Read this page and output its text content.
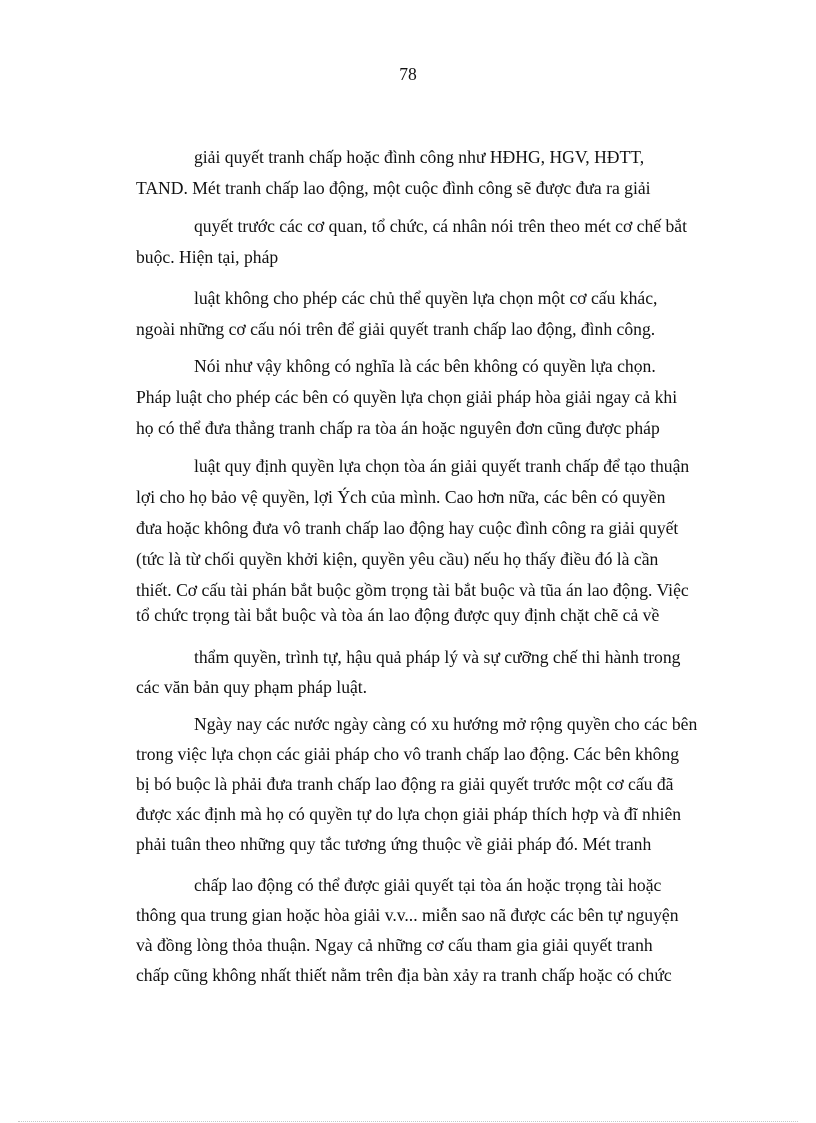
78
giải quyết tranh chấp hoặc đình công như HĐHG, HGV, HĐTT,
TAND. Mét tranh chấp lao động, một cuộc đình công sẽ được đưa ra giải
quyết trước các cơ quan, tổ chức, cá nhân nói trên theo mét cơ chế bắt
buộc. Hiện tại, pháp
luật không cho phép các chủ thể quyền lựa chọn một cơ cấu khác,
ngoài những cơ cấu nói trên để giải quyết tranh chấp lao động, đình công.
Nói như vậy không có nghĩa là các bên không có quyền lựa chọn.
Pháp luật cho phép các bên có quyền lựa chọn giải pháp hòa giải ngay cả khi
họ có thể đưa thẳng tranh chấp ra tòa án hoặc nguyên đơn cũng được pháp
luật quy định quyền lựa chọn tòa án giải quyết tranh chấp để tạo thuận
lợi cho họ bảo vệ quyền, lợi Ých của mình. Cao hơn nữa, các bên có quyền
đưa hoặc không đưa vô tranh chấp lao động hay cuộc đình công ra giải quyết
(tức là từ chối quyền khởi kiện, quyền yêu cầu) nếu họ thấy điều đó là cần
thiết. Cơ cấu tài phán bắt buộc gồm trọng tài bắt buộc và tũa án lao động. Việc
tổ chức trọng tài bắt buộc và tòa án lao động được quy định chặt chẽ cả về
thẩm quyền, trình tự, hậu quả pháp lý và sự cưỡng chế thi hành trong
các văn bản quy phạm pháp luật.
Ngày nay các nước ngày càng có xu hướng mở rộng quyền cho các bên
trong việc lựa chọn các giải pháp cho vô tranh chấp lao động. Các bên không
bị bó buộc là phải đưa tranh chấp lao động ra giải quyết trước một cơ cấu đã
được xác định mà họ có quyền tự do lựa chọn giải pháp thích hợp và đĩ nhiên
phải tuân theo những quy tắc tương ứng thuộc về giải pháp đó. Mét tranh
chấp lao động có thể được giải quyết tại tòa án hoặc trọng tài hoặc
thông qua trung gian hoặc hòa giải v.v... miễn sao nã được các bên tự nguyện
và đồng lòng thỏa thuận. Ngay cả những cơ cấu tham gia giải quyết tranh
chấp cũng không nhất thiết nằm trên địa bàn xảy ra tranh chấp hoặc có chức
